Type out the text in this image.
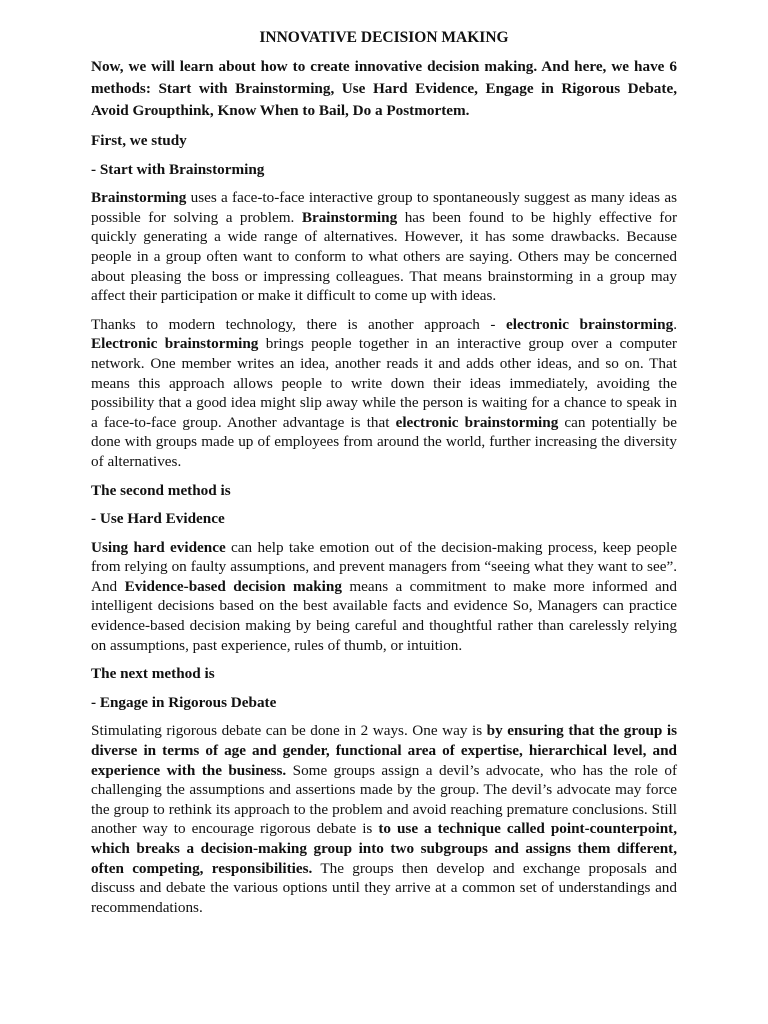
INNOVATIVE DECISION MAKING

Now, we will learn about how to create innovative decision making. And here, we have 6 methods: Start with Brainstorming, Use Hard Evidence, Engage in Rigorous Debate, Avoid Groupthink, Know When to Bail, Do a Postmortem.

First, we study

- Start with Brainstorming

Brainstorming uses a face-to-face interactive group to spontaneously suggest as many ideas as possible for solving a problem. Brainstorming has been found to be highly effective for quickly generating a wide range of alternatives. However, it has some drawbacks. Because people in a group often want to conform to what others are saying. Others may be concerned about pleasing the boss or impressing colleagues. That means brainstorming in a group may affect their participation or make it difficult to come up with ideas.

Thanks to modern technology, there is another approach - electronic brainstorming. Electronic brainstorming brings people together in an interactive group over a computer network. One member writes an idea, another reads it and adds other ideas, and so on. That means this approach allows people to write down their ideas immediately, avoiding the possibility that a good idea might slip away while the person is waiting for a chance to speak in a face-to-face group. Another advantage is that electronic brainstorming can potentially be done with groups made up of employees from around the world, further increasing the diversity of alternatives.

The second method is

- Use Hard Evidence

Using hard evidence can help take emotion out of the decision-making process, keep people from relying on faulty assumptions, and prevent managers from “seeing what they want to see”. And Evidence-based decision making means a commitment to make more informed and intelligent decisions based on the best available facts and evidence So, Managers can practice evidence-based decision making by being careful and thoughtful rather than carelessly relying on assumptions, past experience, rules of thumb, or intuition.

The next method is

- Engage in Rigorous Debate

Stimulating rigorous debate can be done in 2 ways. One way is by ensuring that the group is diverse in terms of age and gender, functional area of expertise, hierarchical level, and experience with the business. Some groups assign a devil’s advocate, who has the role of challenging the assumptions and assertions made by the group. The devil’s advocate may force the group to rethink its approach to the problem and avoid reaching premature conclusions. Still another way to encourage rigorous debate is to use a technique called point-counterpoint, which breaks a decision-making group into two subgroups and assigns them different, often competing, responsibilities. The groups then develop and exchange proposals and discuss and debate the various options until they arrive at a common set of understandings and recommendations.
